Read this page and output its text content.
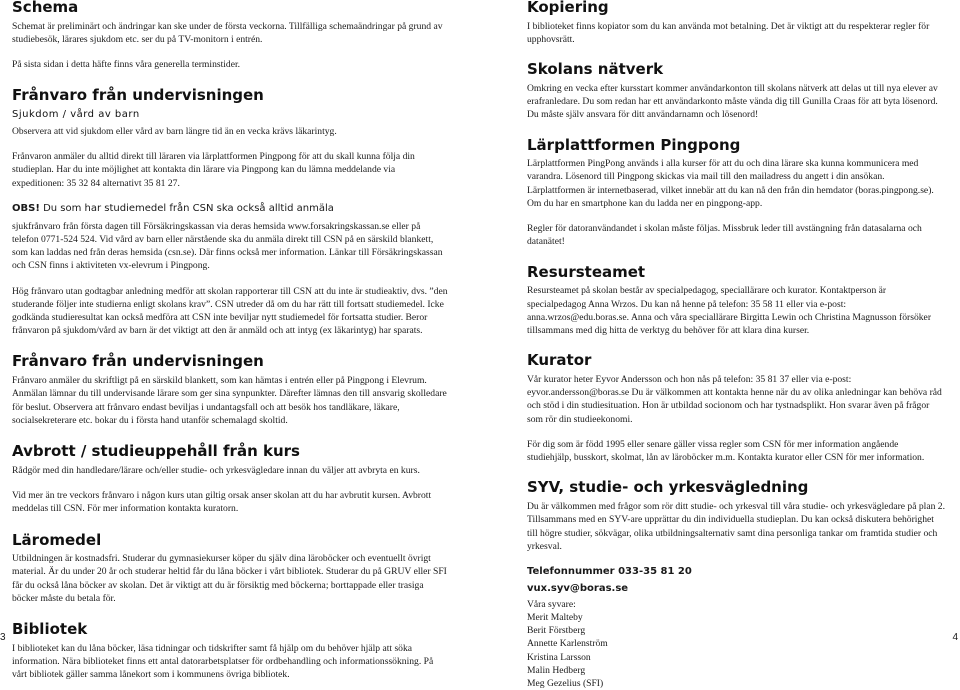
Schema

Schemat är preliminärt och ändringar kan ske under de första veckorna. Tillfälliga schemaändringar på grund av studiebesök, lärares sjukdom etc. ser du på TV-monitorn i entrén.

På sista sidan i detta häfte finns våra generella terminstider.

Frånvaro från undervisningen
Sjukdom / vård av barn

Observera att vid sjukdom eller vård av barn längre tid än en vecka krävs läkarintyg.

Frånvaron anmäler du alltid direkt till läraren via lärplattformen Pingpong för att du skall kunna följa din studieplan. Har du inte möjlighet att kontakta din lärare via Pingpong kan du lämna meddelande via expeditionen: 35 32 84 alternativt 35 81 27.

OBS! Du som har studiemedel från CSN ska också alltid anmäla

sjukfrånvaro från första dagen till Försäkringskassan via deras hemsida www.forsakringskassan.se eller på telefon 0771-524 524. Vid vård av barn eller närstående ska du anmäla direkt till CSN på en särskild blankett, som kan laddas ned från deras hemsida (csn.se). Där finns också mer information. Länkar till Försäkringskassan och CSN finns i aktiviteten vx-elevrum i Pingpong.

Hög frånvaro utan godtagbar anledning medför att skolan rapporterar till CSN att du inte är studieaktiv, dvs. ”den studerande följer inte studierna enligt skolans krav”. CSN utreder då om du har rätt till fortsatt studiemedel. Icke godkända studieresultat kan också medföra att CSN inte beviljar nytt studiemedel för fortsatta studier. Beror frånvaron på sjukdom/vård av barn är det viktigt att den är anmäld och att intyg (ex läkarintyg) har sparats.

Frånvaro från undervisningen

Frånvaro anmäler du skriftligt på en särskild blankett, som kan hämtas i entrén eller på Pingpong i Elevrum. Anmälan lämnar du till undervisande lärare som ger sina synpunkter. Därefter lämnas den till ansvarig skolledare för beslut. Observera att frånvaro endast beviljas i undantagsfall och att besök hos tandläkare, läkare, socialsekreterare etc. bokar du i första hand utanför schemalagd skoltid.

Avbrott / studieuppehåll från kurs

Rådgör med din handledare/lärare och/eller studie- och yrkesvägledare innan du väljer att avbryta en kurs.

Vid mer än tre veckors frånvaro i någon kurs utan giltig orsak anser skolan att du har avbrutit kursen. Avbrott meddelas till CSN. För mer information kontakta kuratorn.

Läromedel

Utbildningen är kostnadsfri. Studerar du gymnasiekurser köper du själv dina läroböcker och eventuellt övrigt material. Är du under 20 år och studerar heltid får du låna böcker i vårt bibliotek. Studerar du på GRUV eller SFI får du också låna böcker av skolan. Det är viktigt att du är försiktig med böckerna; borttappade eller trasiga böcker måste du betala för.

Bibliotek

I biblioteket kan du låna böcker, läsa tidningar och tidskrifter samt få hjälp om du behöver hjälp att söka information. Nära biblioteket finns ett antal datorarbetsplatser för ordbehandling och informationssökning. På vårt bibliotek gäller samma lånekort som i kommunens övriga bibliotek.

Kopiering

I biblioteket finns kopiator som du kan använda mot betalning. Det är viktigt att du respekterar regler för upphovsrätt.

Skolans nätverk

Omkring en vecka efter kursstart kommer användarkonton till skolans nätverk att delas ut till nya elever av erafranledare. Du som redan har ett användarkonto måste vända dig till Gunilla Craas för att byta lösenord. Du måste själv ansvara för ditt användarnamn och lösenord!

Lärplattformen Pingpong

Lärplattformen PingPong används i alla kurser för att du och dina lärare ska kunna kommunicera med varandra. Lösenord till Pingpong skickas via mail till den mailadress du angett i din ansökan. Lärplattformen är internetbaserad, vilket innebär att du kan nå den från din hemdator (boras.pingpong.se). Om du har en smartphone kan du ladda ner en pingpong-app.

Regler för datoranvändandet i skolan måste följas. Missbruk leder till avstängning från datasalarna och datanätet!

Resursteamet

Resursteamet på skolan består av specialpedagog, speciallärare och kurator. Kontaktperson är specialpedagog Anna Wrzos. Du kan nå henne på telefon: 35 58 11 eller via e-post: anna.wrzos@edu.boras.se. Anna och våra speciallärare Birgitta Lewin och Christina Magnusson försöker tillsammans med dig hitta de verktyg du behöver för att klara dina kurser.

Kurator

Vår kurator heter Eyvor Andersson och hon nås på telefon: 35 81 37 eller via e-post: eyvor.andersson@boras.se Du är välkommen att kontakta henne när du av olika anledningar kan behöva råd och stöd i din studiesituation. Hon är utbildad socionom och har tystnadsplikt. Hon svarar även på frågor som rör din studieekonomi.

För dig som är född 1995 eller senare gäller vissa regler som CSN för mer information angående studiehjälp, busskort, skolmat, lån av läroböcker m.m. Kontakta kurator eller CSN för mer information.

SYV, studie- och yrkesvägledning

Du är välkommen med frågor som rör ditt studie- och yrkesval till våra studie- och yrkesvägledare på plan 2. Tillsammans med en SYV-are upprättar du din individuella studieplan. Du kan också diskutera behörighet till högre studier, sökvägar, olika utbildningsalternativ samt dina personliga tankar om framtida studier och yrkesval.

Telefonnummer 033-35 81 20

vux.syv@boras.se

Våra syvare:

Merit Malteby
Berit Förstberg
Annette Karlenström
Kristina Larsson
Malin Hedberg
Meg Gezelius (SFI)
3	4
